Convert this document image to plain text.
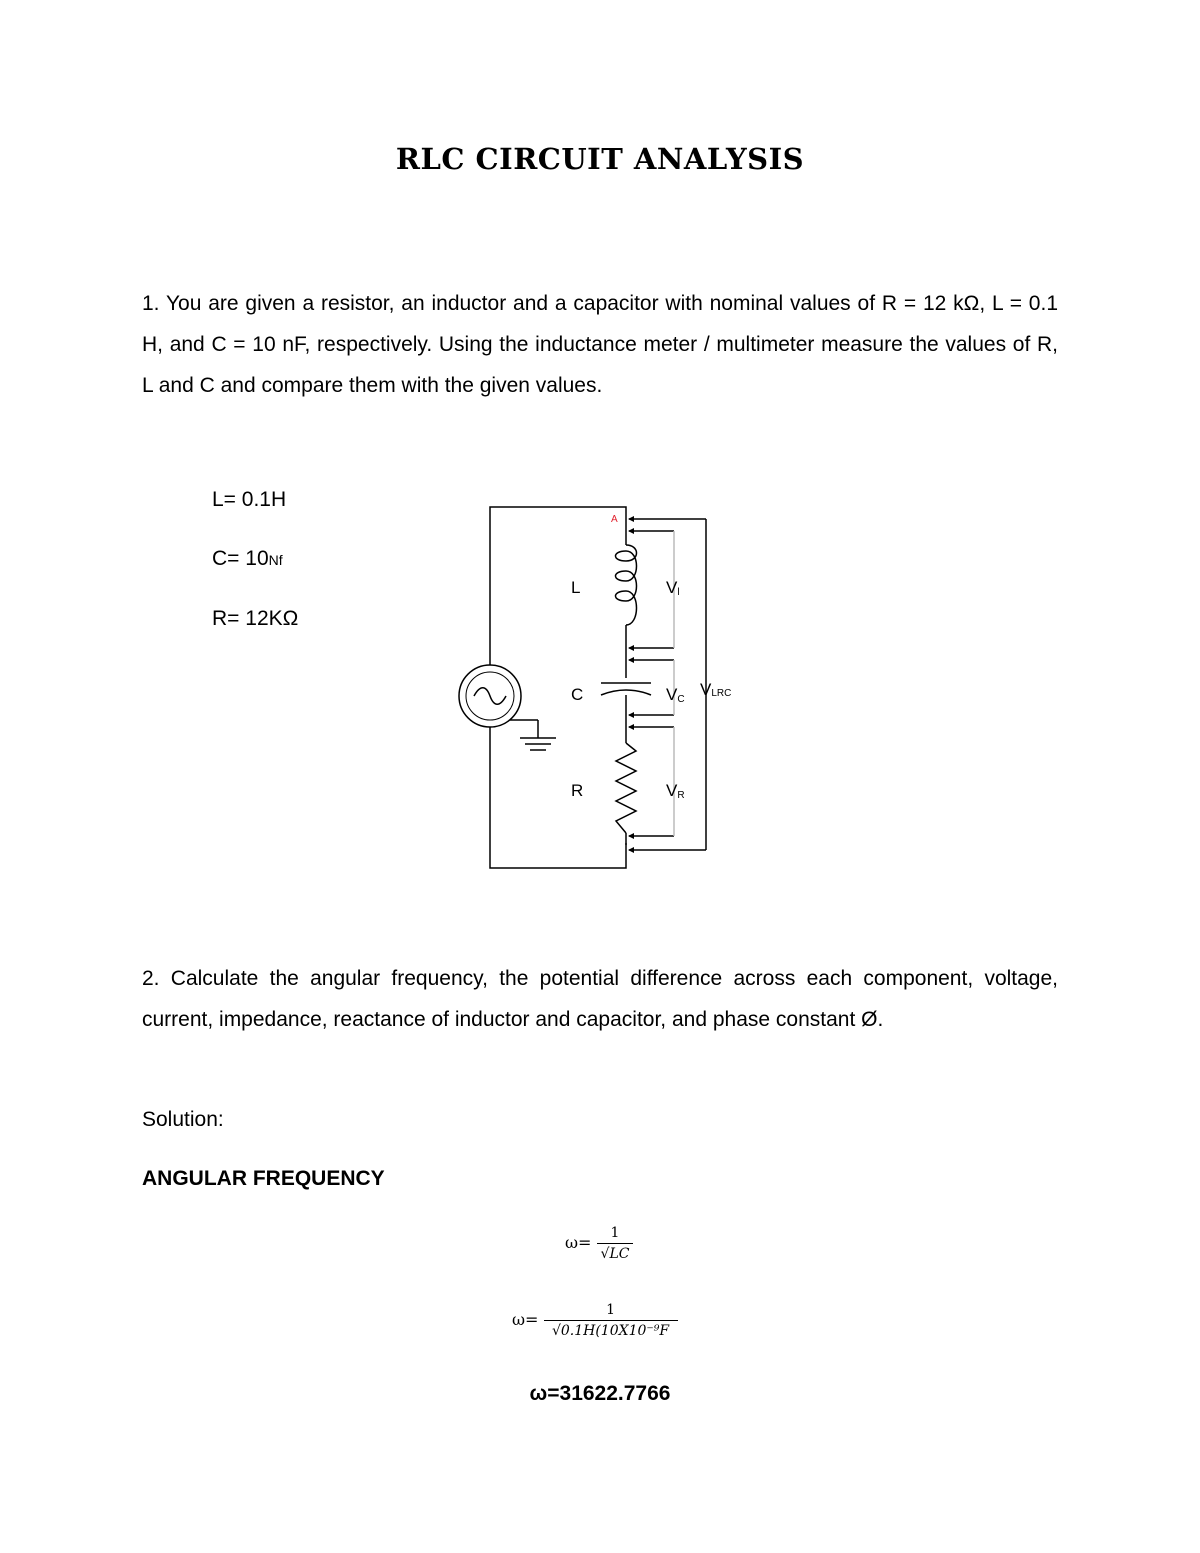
RLC CIRCUIT ANALYSIS
1. You are given a resistor, an inductor and a capacitor with nominal values of R = 12 kΩ, L = 0.1 H, and C = 10 nF, respectively. Using the inductance meter / multimeter measure the values of R, L and C and compare them with the given values.
L= 0.1H
C= 10Nf
R= 12KΩ
A
L
C
R
Vl
VC
VR
VLRC
2. Calculate the angular frequency, the potential difference across each component, voltage, current, impedance, reactance of inductor and capacitor, and phase constant Ø.
Solution:
ANGULAR FREQUENCY
$\omega= \frac{1}{√LC}$
$\omega= \frac{1}{\text{√0.1H(10X10⁻⁹F}}$
ω=31622.7766
